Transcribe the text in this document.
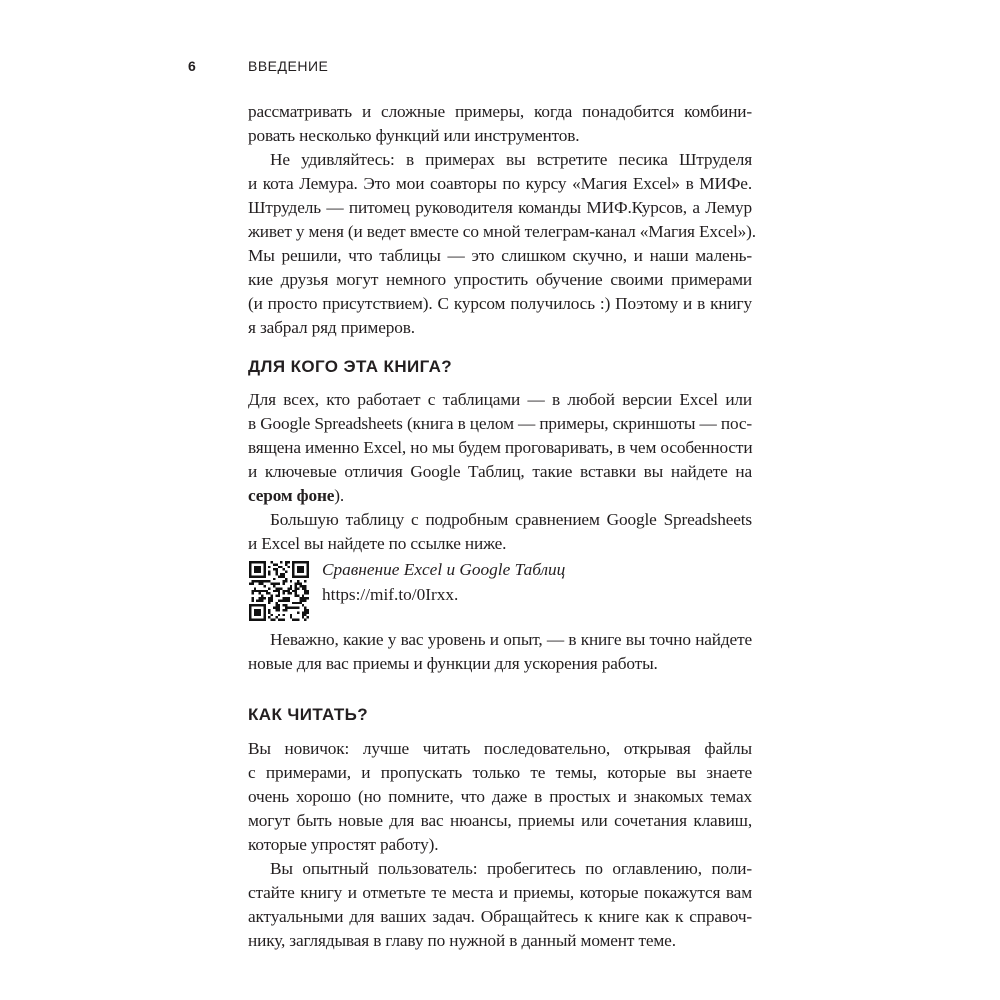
6	ВВЕДЕНИЕ
рассматривать и сложные примеры, когда понадобится комбини-
ровать несколько функций или инструментов.
Не удивляйтесь: в примерах вы встретите песика Штруделя
и кота Лемура. Это мои соавторы по курсу «Магия Excel» в МИФе.
Штрудель — питомец руководителя команды МИФ.Курсов, а Лемур
живет у меня (и ведет вместе со мной телеграм-канал «Магия Excel»).
Мы решили, что таблицы — это слишком скучно, и наши малень-
кие друзья могут немного упростить обучение своими примерами
(и просто присутствием). С курсом получилось :) Поэтому и в книгу
я забрал ряд примеров.
ДЛЯ КОГО ЭТА КНИГА?
Для всех, кто работает с таблицами — в любой версии Excel или
в Google Spreadsheets (книга в целом — примеры, скриншоты — пос-
вящена именно Excel, но мы будем проговаривать, в чем особенности
и ключевые отличия Google Таблиц, такие вставки вы найдете на
сером фоне).
Большую таблицу с подробным сравнением Google Spreadsheets
и Excel вы найдете по ссылке ниже.
Сравнение Excel и Google Таблиц
https://mif.to/0Irxx.
Неважно, какие у вас уровень и опыт, — в книге вы точно найдете
новые для вас приемы и функции для ускорения работы.
КАК ЧИТАТЬ?
Вы новичок: лучше читать последовательно, открывая файлы
с примерами, и пропускать только те темы, которые вы знаете
очень хорошо (но помните, что даже в простых и знакомых темах
могут быть новые для вас нюансы, приемы или сочетания клавиш,
которые упростят работу).
Вы опытный пользователь: пробегитесь по оглавлению, поли-
стайте книгу и отметьте те места и приемы, которые покажутся вам
актуальными для ваших задач. Обращайтесь к книге как к справоч-
нику, заглядывая в главу по нужной в данный момент теме.
